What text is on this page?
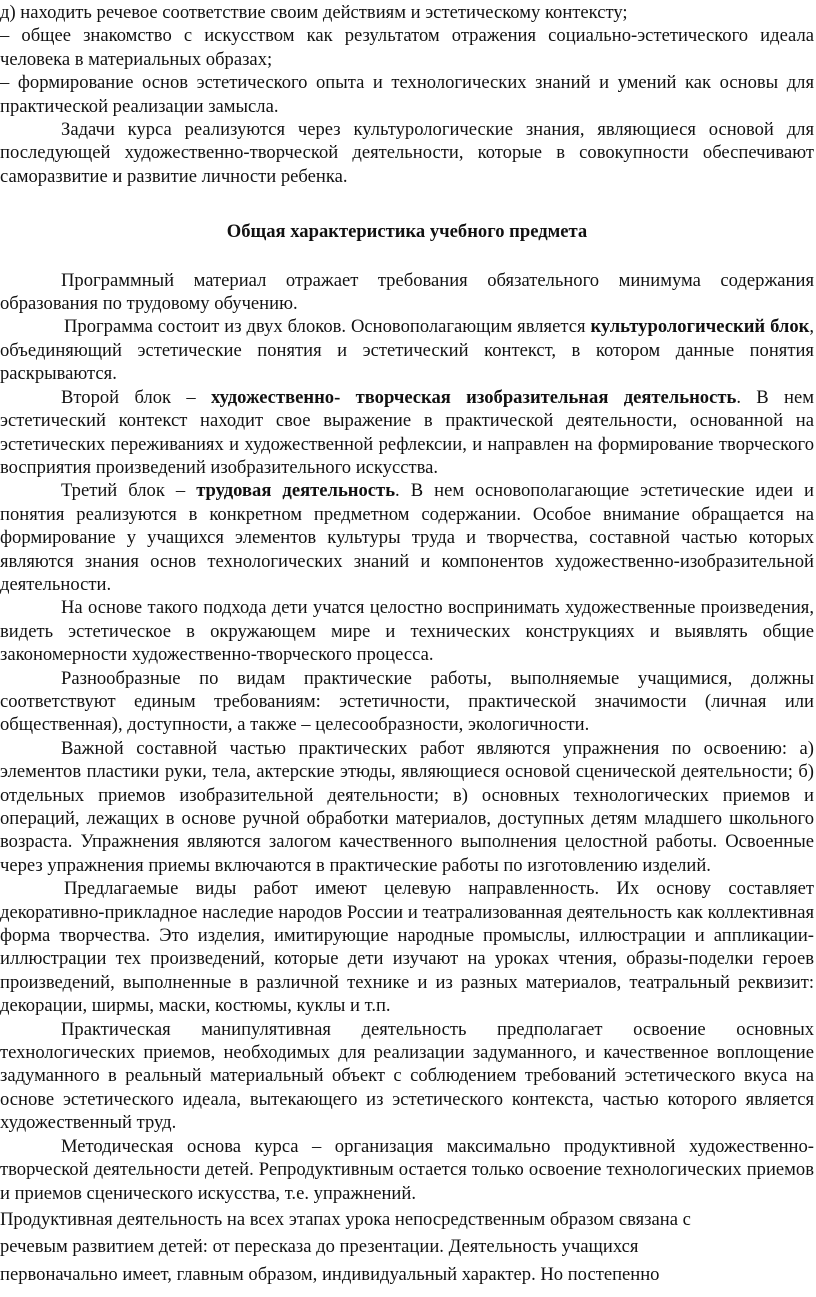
д) находить речевое соответствие своим действиям и эстетическому контексту;

– общее знакомство с искусством как результатом отражения социально-эстетического идеала человека в материальных образах;

– формирование основ эстетического опыта и технологических знаний и умений как основы для практической реализации замысла.

Задачи курса реализуются через культурологические знания, являющиеся основой для последующей художественно-творческой деятельности, которые в совокупности обеспечивают саморазвитие и развитие личности ребенка.

Общая характеристика учебного предмета

Программный материал отражает требования обязательного минимума содержания образования по трудовому обучению.

Программа состоит из двух блоков. Основополагающим является культурологический блок, объединяющий эстетические понятия и эстетический контекст, в котором данные понятия раскрываются.

Второй блок – художественно- творческая изобразительная деятельность. В нем эстетический контекст находит свое выражение в практической деятельности, основанной на эстетических переживаниях и художественной рефлексии, и направлен на формирование творческого восприятия произведений изобразительного искусства.

Третий блок – трудовая деятельность. В нем основополагающие эстетические идеи и понятия реализуются в конкретном предметном содержании. Особое внимание обращается на формирование у учащихся элементов культуры труда и творчества, составной частью которых являются знания основ технологических знаний и компонентов художественно-изобразительной деятельности.

На основе такого подхода дети учатся целостно воспринимать художественные произведения, видеть эстетическое в окружающем мире и технических конструкциях и выявлять общие закономерности художественно-творческого процесса.

Разнообразные по видам практические работы, выполняемые учащимися, должны соответствуют единым требованиям: эстетичности, практической значимости (личная или общественная), доступности, а также – целесообразности, экологичности.

Важной составной частью практических работ являются упражнения по освоению: а) элементов пластики руки, тела, актерские этюды, являющиеся основой сценической деятельности; б) отдельных приемов изобразительной деятельности; в) основных технологических приемов и операций, лежащих в основе ручной обработки материалов, доступных детям младшего школьного возраста. Упражнения являются залогом качественного выполнения целостной работы. Освоенные через упражнения приемы включаются в практические работы по изготовлению изделий.

Предлагаемые виды работ имеют целевую направленность. Их основу составляет декоративно-прикладное наследие народов России и театрализованная деятельность как коллективная форма творчества. Это изделия, имитирующие народные промыслы, иллюстрации и аппликации-иллюстрации тех произведений, которые дети изучают на уроках чтения, образы-поделки героев произведений, выполненные в различной технике и из разных материалов, театральный реквизит: декорации, ширмы, маски, костюмы, куклы и т.п.

Практическая манипулятивная деятельность предполагает освоение основных технологических приемов, необходимых для реализации задуманного, и качественное воплощение задуманного в реальный материальный объект с соблюдением требований эстетического вкуса на основе эстетического идеала, вытекающего из эстетического контекста, частью которого является художественный труд.

Методическая основа курса – организация максимально продуктивной художественно-творческой деятельности детей. Репродуктивным остается только освоение технологических приемов и приемов сценического искусства, т.е. упражнений.

Продуктивная деятельность на всех этапах урока непосредственным образом связана с

речевым развитием детей: от пересказа до презентации. Деятельность учащихся

первоначально имеет, главным образом, индивидуальный характер. Но постепенно
